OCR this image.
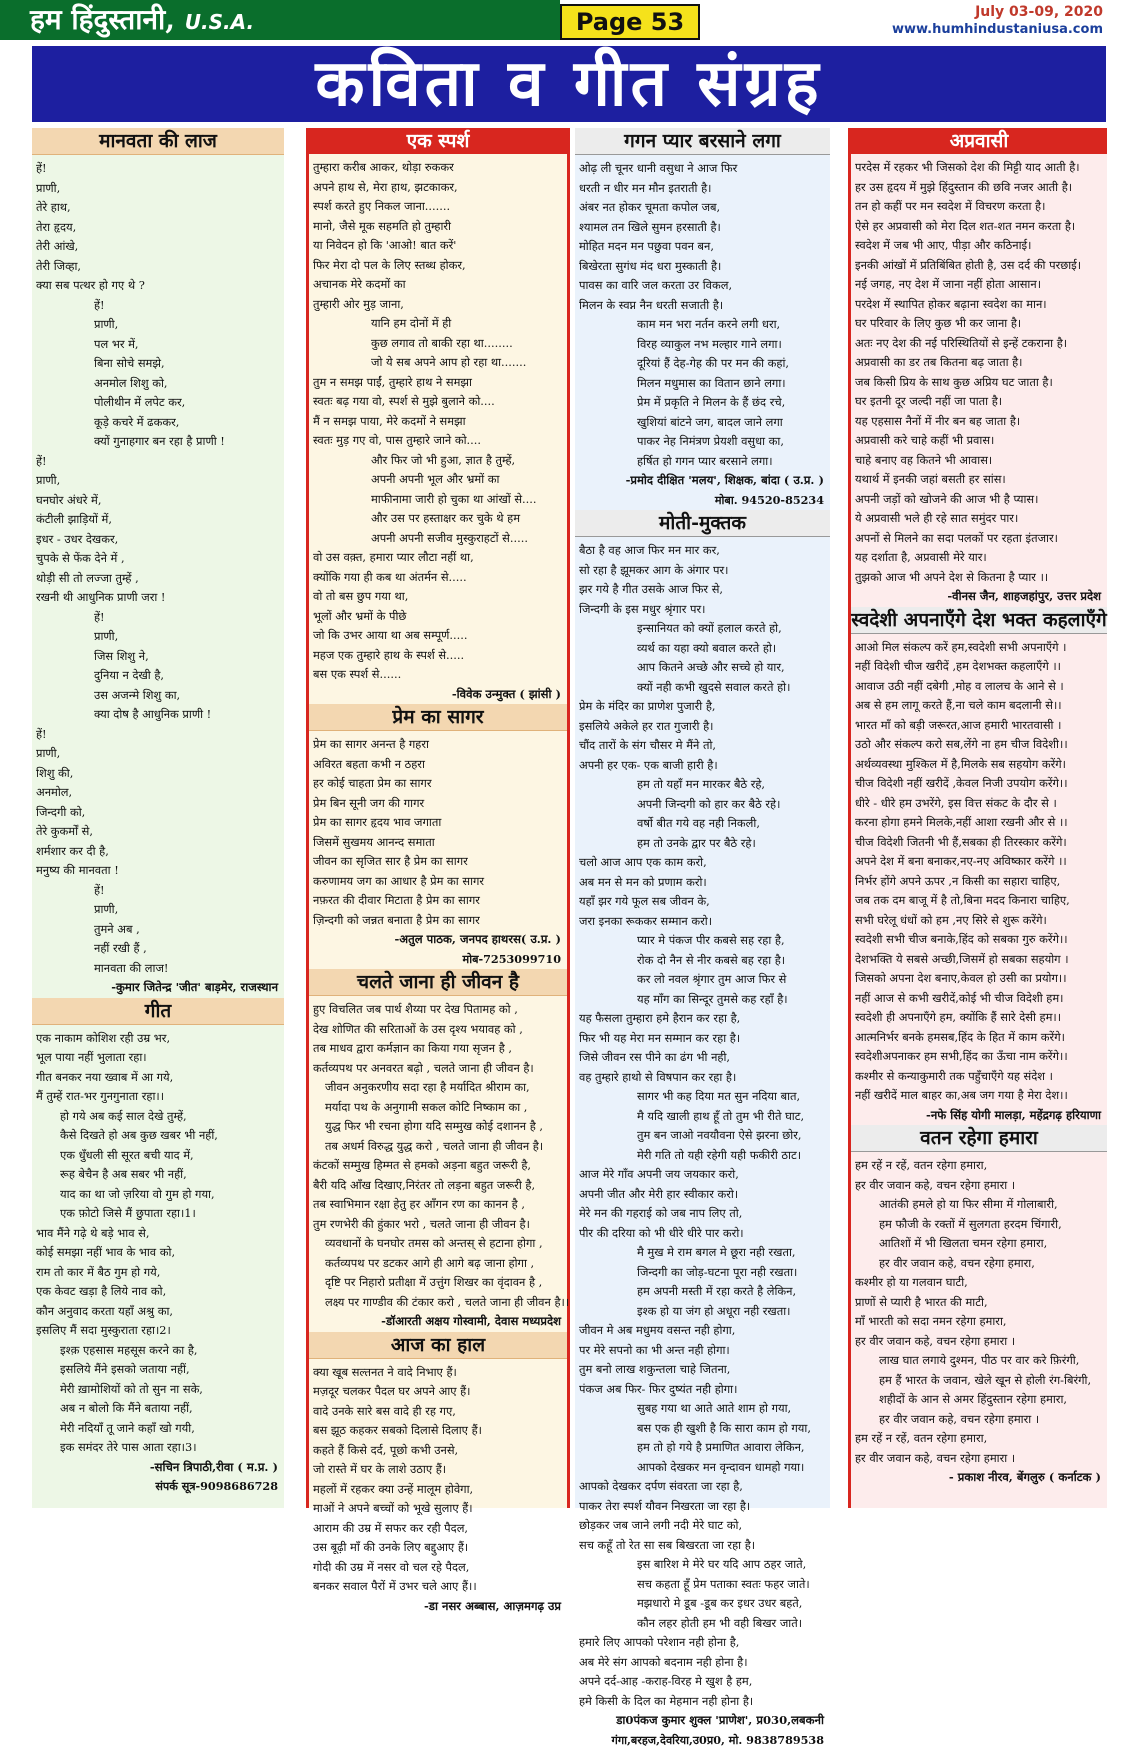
हम हिंदुस्तानी, U.S.A.	Page 53	July 03-09, 2020
www.humhindustaniusa.com
कविता व गीत संग्रह
मानवता की लाज
हें!
प्राणी,
तेरे हाथ,
तेरा हृदय,
तेरी आंखे,
तेरी जिव्हा,
क्या सब पत्थर हो गए थे ?
हें!
प्राणी,
पल भर में,
बिना सोचे समझे,
अनमोल शिशु को,
पोलीथीन में लपेट कर,
कूड़े कचरे में ढककर,
क्यों गुनाहगार बन रहा है प्राणी !
हें!
प्राणी,
घनघोर अंधरे में,
कंटीली झाड़ियों में,
इधर - उधर देखकर,
चुपके से फेंक देने में ,
थोड़ी सी तो लज्जा तुम्हें ,
रखनी थी आधुनिक प्राणी जरा !
हें!
प्राणी,
जिस शिशु ने,
दुनिया न देखी है,
उस अजन्मे शिशु का,
क्या दोष है आधुनिक प्राणी !
हें!
प्राणी,
शिशु की,
अनमोल,
जिन्दगी को,
तेरे कुकर्मों से,
शर्मशार कर दी है,
मनुष्य की मानवता !
हें!
प्राणी,
तुमने अब ,
नहीं रखी हैं ,
मानवता की लाज!
-कुमार जितेन्द्र 'जीत' बाड़मेर, राजस्थान
गीत
एक नाकाम कोशिश रही उम्र भर,
भूल पाया नहीं भुलाता रहा।
गीत बनकर नया ख्वाब में आ गये,
मैं तुम्हें रात-भर गुनगुनाता रहा।।
हो गये अब कई साल देखे तुम्हें,
कैसे दिखते हो अब कुछ खबर भी नहीं,
एक धुँधली सी सूरत बची याद में,
रूह बेचैन है अब सबर भी नहीं,
याद का था जो ज़रिया वो गुम हो गया,
एक फ़ोटो जिसे मैं छुपाता रहा।1।
भाव मैंने गढ़े थे बड़े भाव से,
कोई समझा नहीं भाव के भाव को,
राम तो कार में बैठ गुम हो गये,
एक केवट खड़ा है लिये नाव को,
कौन अनुवाद करता यहाँ अश्रु का,
इसलिए मैं सदा मुस्कुराता रहा।2।
इश्क़ एहसास महसूस करने का है,
इसलिये मैंने इसको जताया नहीं,
मेरी ख़ामोशियों को तो सुन ना सके,
अब न बोलो कि मैंने बताया नहीं,
मेरी नदियाँ तू जाने कहाँ खो गयी,
इक समंदर तेरे पास आता रहा।3।
-सचिन त्रिपाठी,रीवा ( म.प्र. )
संपर्क सूत्र-9098686728
एक स्पर्श
तुम्हारा करीब आकर, थोड़ा रुककर
अपने हाथ से, मेरा हाथ, झटकाकर,
स्पर्श करते हुए निकल जाना.......
मानो, जैसे मूक सहमति हो तुम्हारी
या निवेदन हो कि 'आओ! बात करें'
फिर मेरा दो पल के लिए स्तब्ध होकर,
अचानक मेरे कदमों का
तुम्हारी ओर मुड़ जाना,
यानि हम दोनों में ही
कुछ लगाव तो बाकी रहा था........
जो ये सब अपने आप हो रहा था.......
तुम न समझ पाईं, तुम्हारे हाथ ने समझा
स्वतः बढ़ गया वो, स्पर्श से मुझे बुलाने को....
मैं न समझ पाया, मेरे कदमों ने समझा
स्वतः मुड़ गए वो, पास तुम्हारे जाने को....
और फिर जो भी हुआ, ज्ञात है तुम्हें,
अपनी अपनी भूल और भ्रमों का
माफीनामा जारी हो चुका था आंखों से....
और उस पर हस्ताक्षर कर चुके थे हम
अपनी अपनी सजीव मुस्कुराहटों से.....
वो उस वक़्त, हमारा प्यार लौटा नहीं था,
क्योंकि गया ही कब था अंतर्मन से.....
वो तो बस छुप गया था,
भूलों और भ्रमों के पीछे
जो कि उभर आया था अब सम्पूर्ण.....
महज एक तुम्हारे हाथ के स्पर्श से.....
बस एक स्पर्श से......
-विवेक उन्मुक्त ( झांसी )
प्रेम का सागर
प्रेम का सागर अनन्त है गहरा
अविरत बहता कभी न ठहरा
हर कोई चाहता प्रेम का सागर
प्रेम बिन सूनी जग की गागर
प्रेम का सागर हृदय भाव जगाता
जिसमें सुखमय आनन्द समाता
जीवन का सृजित सार है प्रेम का सागर
करुणामय जग का आधार है प्रेम का सागर
नफ़रत की दीवार मिटाता है प्रेम का सागर
ज़िन्दगी को जन्नत बनाता है प्रेम का सागर
-अतुल पाठक, जनपद हाथरस( उ.प्र. )
मोब-7253099710
चलते जाना ही जीवन है
हुए विचलित जब पार्थ शैय्या पर देख पितामह को ,
देख शोणित की सरिताओं के उस दृश्य भयावह को ,
तब माधव द्वारा कर्मज्ञान का किया गया सृजन है ,
कर्तव्यपथ पर अनवरत बढ़ो , चलते जाना ही जीवन है।
जीवन अनुकरणीय सदा रहा है मर्यादित श्रीराम का,
मर्यादा पथ के अनुगामी सकल कोटि निष्काम का ,
युद्ध फिर भी रचना होगा यदि सम्मुख कोई दशानन है ,
तब अधर्म विरुद्ध युद्ध करो , चलते जाना ही जीवन है।
कंटकों सम्मुख हिम्मत से हमको अड़ना बहुत जरूरी है,
बैरी यदि आँख दिखाए,निरंतर तो लड़ना बहुत जरूरी है,
तब स्वाभिमान रक्षा हेतु हर आँगन रण का कानन है ,
तुम रणभेरी की हुंकार भरो , चलते जाना ही जीवन है।
व्यवधानों के घनघोर तमस को अन्तस् से हटाना होगा ,
कर्तव्यपथ पर डटकर आगे ही आगे बढ़ जाना होगा ,
दृष्टि पर निहारो प्रतीक्षा में उत्तुंग शिखर का वृंदावन है ,
लक्ष्य पर गाण्डीव की टंकार करो , चलते जाना ही जीवन है।।
-डॉआरती अक्षय गोस्वामी, देवास मध्यप्रदेश
आज का हाल
क्या खूब सल्तनत ने वादे निभाए हैं।
मज़दूर चलकर पैदल घर अपने आए हैं।
वादे उनके सारे बस वादे ही रह गए,
बस झूठ कहकर सबको दिलासे दिलाए हैं।
कहते हैं किसे दर्द, पूछो कभी उनसे,
जो रास्ते में घर के लाशे उठाए हैं।
महलों में रहकर क्या उन्हें मालूम होवेगा,
माओं ने अपने बच्चों को भूखे सुलाए हैं।
आराम की उम्र में सफर कर रही पैदल,
उस बूढ़ी माँ की उनके लिए बद्दुआए हैं।
गोदी की उम्र में नसर वो चल रहे पैदल,
बनकर सवाल पैरों में उभर चले आए हैं।।
-डा नसर अब्बास, आज़मगढ़ उप्र
गगन प्यार बरसाने लगा
ओढ़ ली चूनर धानी वसुधा ने आज फिर
धरती न धीर मन मौन इतराती है।
अंबर नत होकर चूमता कपोल जब,
श्यामल तन खिले सुमन हरसाती है।
मोहित मदन मन पछुवा पवन बन,
बिखेरता सुगंध मंद धरा मुस्काती है।
पावस का वारि जल करता उर विकल,
मिलन के स्वप्न नैन धरती सजाती है।
काम मन भरा नर्तन करने लगी धरा,
विरह व्याकुल नभ मल्हार गाने लगा।
दूरियां हैं देह-गेह की पर मन की कहां,
मिलन मधुमास का वितान छाने लगा।
प्रेम में प्रकृति ने मिलन के हैं छंद रचे,
खुशियां बांटने जग, बादल जाने लगा
पाकर नेह निमंत्रण प्रेयशी वसुधा का,
हर्षित हो गगन प्यार बरसाने लगा।
-प्रमोद दीक्षित 'मलय', शिक्षक, बांदा ( उ.प्र. )
मोबा. 94520-85234
मोती-मुक्तक
बैठा है वह आज फिर मन मार कर,
सो रहा है झूमकर आग के अंगार पर।
झर गये है गीत उसके आज फिर से,
जिन्दगी के इस मधुर श्रृंगार पर।
इन्सानियत को क्यों हलाल करते हो,
व्यर्थ का यहा क्यो बवाल करते हो।
आप कितने अच्छे और सच्चे हो यार,
क्यों नही कभी खुदसे सवाल करते हो।
प्रेम के मंदिर का प्राणेश पुजारी है,
इसलिये अकेले हर रात गुजारी है।
चौंद तारों के संग चौसर मे मैंने तो,
अपनी हर एक- एक बाजी हारी है।
हम तो यहाँ मन मारकर बैठे रहे,
अपनी जिन्दगी को हार कर बैठे रहे।
वर्षो बीत गये वह नही निकली,
हम तो उनके द्वार पर बैठे रहे।
चलो आज आप एक काम करो,
अब मन से मन को प्रणाम करो।
यहाँ झर गये फूल सब जीवन के,
जरा इनका रूककर सम्मान करो।
प्यार मे पंकज पीर कबसे सह रहा है,
रोक दो नैन से नीर कबसे बह रहा है।
कर लो नवल श्रृंगार तुम आज फिर से
यह माँग का सिन्दूर तुमसे कह रहाँ है।
यह फैसला तुम्हारा हमे हैरान कर रहा है,
फिर भी यह मेरा मन सम्मान कर रहा है।
जिसे जीवन रस पीने का ढंग भी नही,
वह तुम्हारे हाथो से विषपान कर रहा है।
सागर भी कह दिया मत सुन नदिया बात,
मै यदि खाली हाथ हूँ तो तुम भी रीते घाट,
तुम बन जाओ नवयौवना ऐसे झरना छोर,
मेरी गति तो यही रहेगी यही फकीरी ठाट।
आज मेरे गाँव अपनी जय जयकार करो,
अपनी जीत और मेरी हार स्वीकार करो।
मेरे मन की गहराई को जब नाप लिए तो,
पीर की दरिया को भी धीरे धीरे पार करो।
मै मुख मे राम बगल मे छूरा नही रखता,
जिन्दगी का जोड़-घटना पूरा नही रखता।
हम अपनी मस्ती में रहा करते है लेकिन,
इश्क हो या जंग हो अधूरा नही रखता।
जीवन मे अब मधुमय वसन्त नही होगा,
पर मेरे सपनो का भी अन्त नही होगा।
तुम बनो लाख शकुन्तला चाहे जितना,
पंकज अब फिर- फिर दुष्यंत नही होगा।
सुबह गया था आते आते शाम हो गया,
बस एक ही खुशी है कि सारा काम हो गया,
हम तो हो गये है प्रमाणित आवारा लेकिन,
आपको देखकर मन वृन्दावन धामहो गया।
आपको देखकर दर्पण संवरता जा रहा है,
पाकर तेरा स्पर्श यौवन निखरता जा रहा है।
छोड़कर जब जाने लगी नदी मेरे घाट को,
सच कहूँ तो रेत सा सब बिखरता जा रहा है।
इस बारिश मे मेरे घर यदि आप ठहर जाते,
सच कहता हूँ प्रेम पताका स्वतः फहर जाते।
मझधारो मे डूब -डूब कर इधर उधर बहते,
कौन लहर होती हम भी वही बिखर जाते।
हमारे लिए आपको परेशान नही होना है,
अब मेरे संग आपको बदनाम नही होना है।
अपने दर्द-आह -कराह-विरह मे खुश है हम,
हमे किसी के दिल का मेहमान नही होना है।
डा0पंकज कुमार शुक्ल 'प्राणेश', प्र030,लबकनी
गंगा,बरहज,देवरिया,उ0प्र0, मो. 9838789538
अप्रवासी
परदेस में रहकर भी जिसको देश की मिट्टी याद आती है।
हर उस हृदय में मुझे हिंदुस्तान की छवि नजर आती है।
तन हो कहीं पर मन स्वदेश में विचरण करता है।
ऐसे हर अप्रवासी को मेरा दिल शत-शत नमन करता है।
स्वदेश में जब भी आए, पीड़ा और कठिनाई।
इनकी आंखों में प्रतिबिंबित होती है, उस दर्द की परछाई।
नई जगह, नए देश में जाना नहीं होता आसान।
परदेश में स्थापित होकर बढ़ाना स्वदेश का मान।
घर परिवार के लिए कुछ भी कर जाना है।
अतः नए देश की नई परिस्थितियों से इन्हें टकराना है।
अप्रवासी का डर तब कितना बढ़ जाता है।
जब किसी प्रिय के साथ कुछ अप्रिय घट जाता है।
घर इतनी दूर जल्दी नहीं जा पाता है।
यह एहसास नैनों में नीर बन बह जाता है।
अप्रवासी करे चाहे कहीं भी प्रवास।
चाहे बनाए वह कितने भी आवास।
यथार्थ में इनकी जहां बसती हर सांस।
अपनी जड़ों को खोजने की आज भी है प्यास।
ये अप्रवासी भले ही रहे सात समुंदर पार।
अपनों से मिलने का सदा पलकों पर रहता इंतजार।
यह दर्शाता है, अप्रवासी मेरे यार।
तुझको आज भी अपने देश से कितना है प्यार ।।
-वीनस जैन, शाहजहांपुर, उत्तर प्रदेश
स्वदेशी अपनाएँगे देश भक्त कहलाएँगे
आओ मिल संकल्प करें हम,स्वदेशी सभी अपनाएँगे ।
नहीं विदेशी चीज खरीदें ,हम देशभक्त कहलाएँगे ।।
आवाज उठी नहीं दबेगी ,मोह व लालच के आने से ।
अब से हम लागू करते हैं,ना चले काम बदलानी से।।
भारत माँ को बड़ी जरूरत,आज हमारी भारतवासी ।
उठो और संकल्प करो सब,लेंगे ना हम चीज विदेशी।।
अर्थव्यवस्था मुश्किल में है,मिलके सब सहयोग करेंगे।
चीज विदेशी नहीं खरीदें ,केवल निजी उपयोग करेंगे।।
धीरे - धीरे हम उभरेंगे, इस वित्त संकट के दौर से ।
करना होगा हमने मिलके,नहीं आशा रखनी और से ।।
चीज विदेशी जितनी भी हैं,सबका ही तिरस्कार करेंगे।
अपने देश में बना बनाकर,नए-नए अविष्कार करेंगे ।।
निर्भर होंगे अपने ऊपर ,न किसी का सहारा चाहिए,
जब तक दम बाजू में है तो,बिना मदद किनारा चाहिए,
सभी घरेलू धंधों को हम ,नए सिरे से शुरू करेंगे।
स्वदेशी सभी चीज बनाके,हिंद को सबका गुरु करेंगे।।
देशभक्ति ये सबसे अच्छी,जिसमें हो सबका सहयोग ।
जिसको अपना देश बनाए,केवल हो उसी का प्रयोग।।
नहीं आज से कभी खरीदें,कोई भी चीज विदेशी हम।
स्वदेशी ही अपनाएँगे हम, क्योंकि हैं सारे देसी हम।।
आत्मनिर्भर बनके हमसब,हिंद के हित में काम करेंगे।
स्वदेशीअपनाकर हम सभी,हिंद का ऊँचा नाम करेंगे।।
कश्मीर से कन्याकुमारी तक पहुँचाएँगे यह संदेश ।
नहीं खरीदें माल बाहर का,अब जग गया है मेरा देश।।
-नफे सिंह योगी मालड़ा, महेंद्रगढ़ हरियाणा
वतन रहेगा हमारा
हम रहें न रहें, वतन रहेगा हमारा,
हर वीर जवान कहे, वचन रहेगा हमारा ।
आतंकी हमले हो या फिर सीमा में गोलाबारी,
हम फौजी के रक्तों में सुलगता हरदम चिंगारी,
आतिशों में भी खिलता चमन रहेगा हमारा,
हर वीर जवान कहे, वचन रहेगा हमारा,
कश्मीर हो या गलवान घाटी,
प्राणों से प्यारी है भारत की माटी,
माँ भारती को सदा नमन रहेगा हमारा,
हर वीर जवान कहे, वचन रहेगा हमारा ।
लाख घात लगाये दुश्मन, पीठ पर वार करे फ़िरंगी,
हम हैं भारत के जवान, खेले खून से होली रंग-बिरंगी,
शहीदों के आन से अमर हिंदुस्तान रहेगा हमारा,
हर वीर जवान कहे, वचन रहेगा हमारा ।
हम रहें न रहें, वतन रहेगा हमारा,
हर वीर जवान कहे, वचन रहेगा हमारा ।
- प्रकाश नीरव, बेंगलुरु ( कर्नाटक )
